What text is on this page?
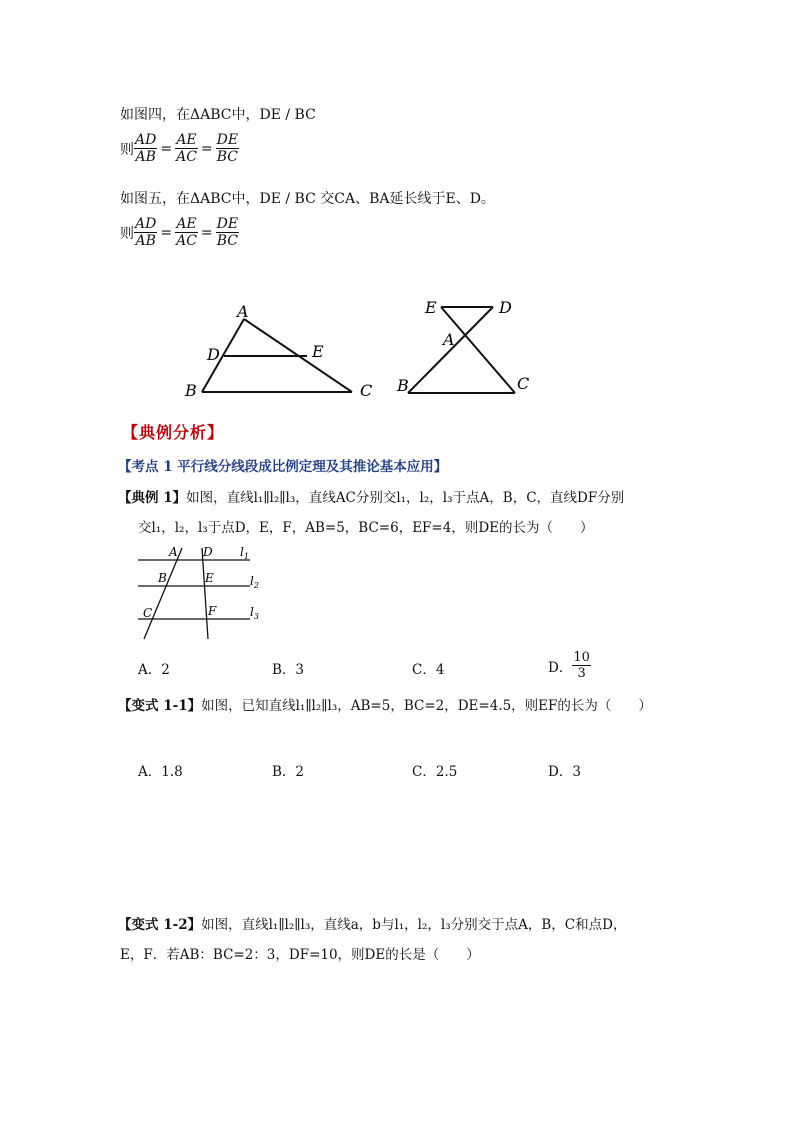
如图四，在ΔABC中，DE / BC
则 $\frac{AD}{AB} = \frac{AE}{AC} = \frac{DE}{BC}$
如图五，在ΔABC中，DE / BC 交CA、BA延长线于E、D。
则 $\frac{AD}{AB} = \frac{AE}{AC} = \frac{DE}{BC}$
A
D	E
B	C
E	D
A
B	C
【典例分析】
【考点 1 平行线分线段成比例定理及其推论基本应用】
【典例 1】如图，直线l₁∥l₂∥l₃，直线AC分别交l₁，l₂，l₃于点A，B，C，直线DF分别
交l₁，l₂，l₃于点D，E，F，AB=5，BC=6，EF=4，则DE的长为（　　）
A D $l_1$
B	E	$l_2$
C	F	$l_3$
A．2	B．3	C．4	D． $\frac{10}{3}$
【变式 1-1】如图，已知直线l₁∥l₂∥l₃，AB=5，BC=2，DE=4.5，则EF的长为（　　）
A．1.8	B．2	C．2.5	D．3
【变式 1-2】如图，直线l₁∥l₂∥l₃，直线a，b与l₁，l₂，l₃分别交于点A，B，C和点D，
E，F．若AB：BC=2：3，DF=10，则DE的长是（　　）
